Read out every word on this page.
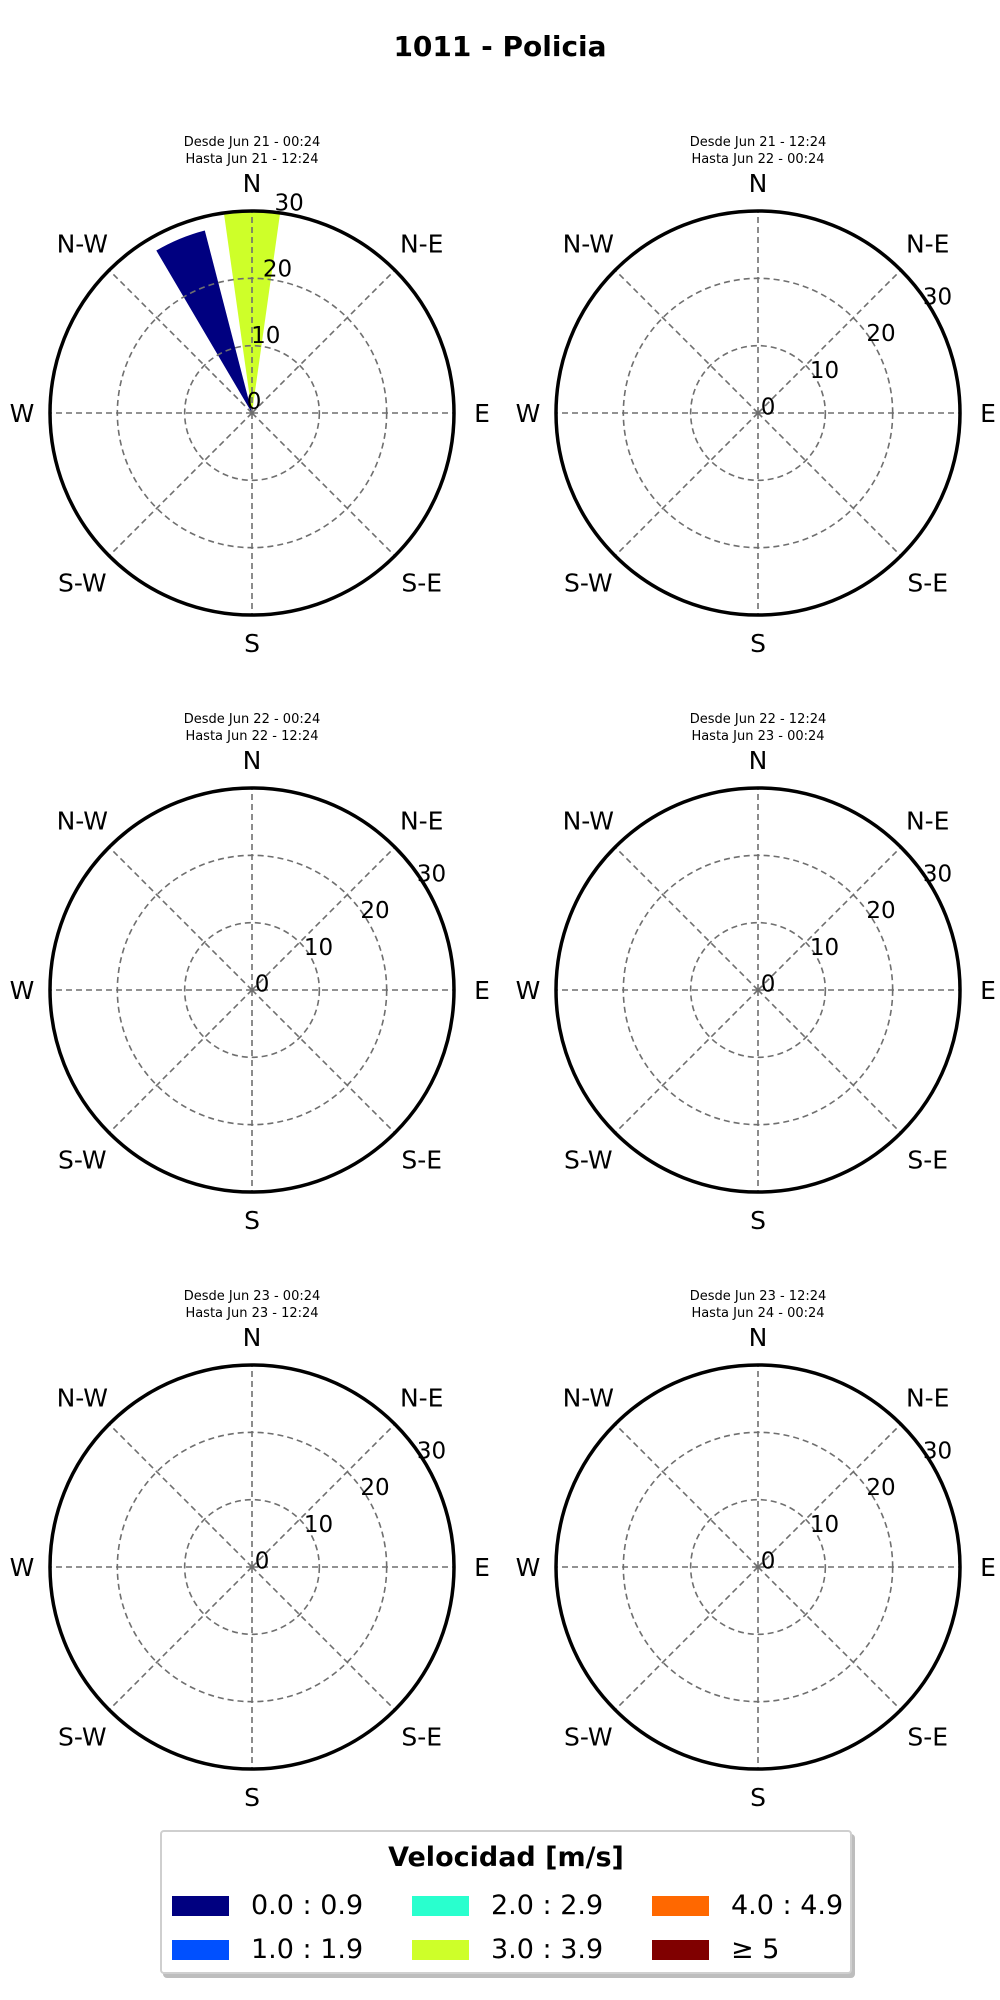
1011 - Policia
Desde Jun 21 - 00:24
Hasta Jun 21 - 12:24
N
N-E
E
S-E
S
S-W
W
N-W
0
10
20
30
Desde Jun 21 - 12:24
Hasta Jun 22 - 00:24
N
N-E
E
S-E
S
S-W
W
N-W
0
10
20
30
Desde Jun 22 - 00:24
Hasta Jun 22 - 12:24
N
N-E
E
S-E
S
S-W
W
N-W
0
10
20
30
Desde Jun 22 - 12:24
Hasta Jun 23 - 00:24
N
N-E
E
S-E
S
S-W
W
N-W
0
10
20
30
Desde Jun 23 - 00:24
Hasta Jun 23 - 12:24
N
N-E
E
S-E
S
S-W
W
N-W
0
10
20
30
Desde Jun 23 - 12:24
Hasta Jun 24 - 00:24
N
N-E
E
S-E
S
S-W
W
N-W
0
10
20
30
Velocidad [m/s]
0.0 : 0.9
1.0 : 1.9
2.0 : 2.9
3.0 : 3.9
4.0 : 4.9
≥ 5
